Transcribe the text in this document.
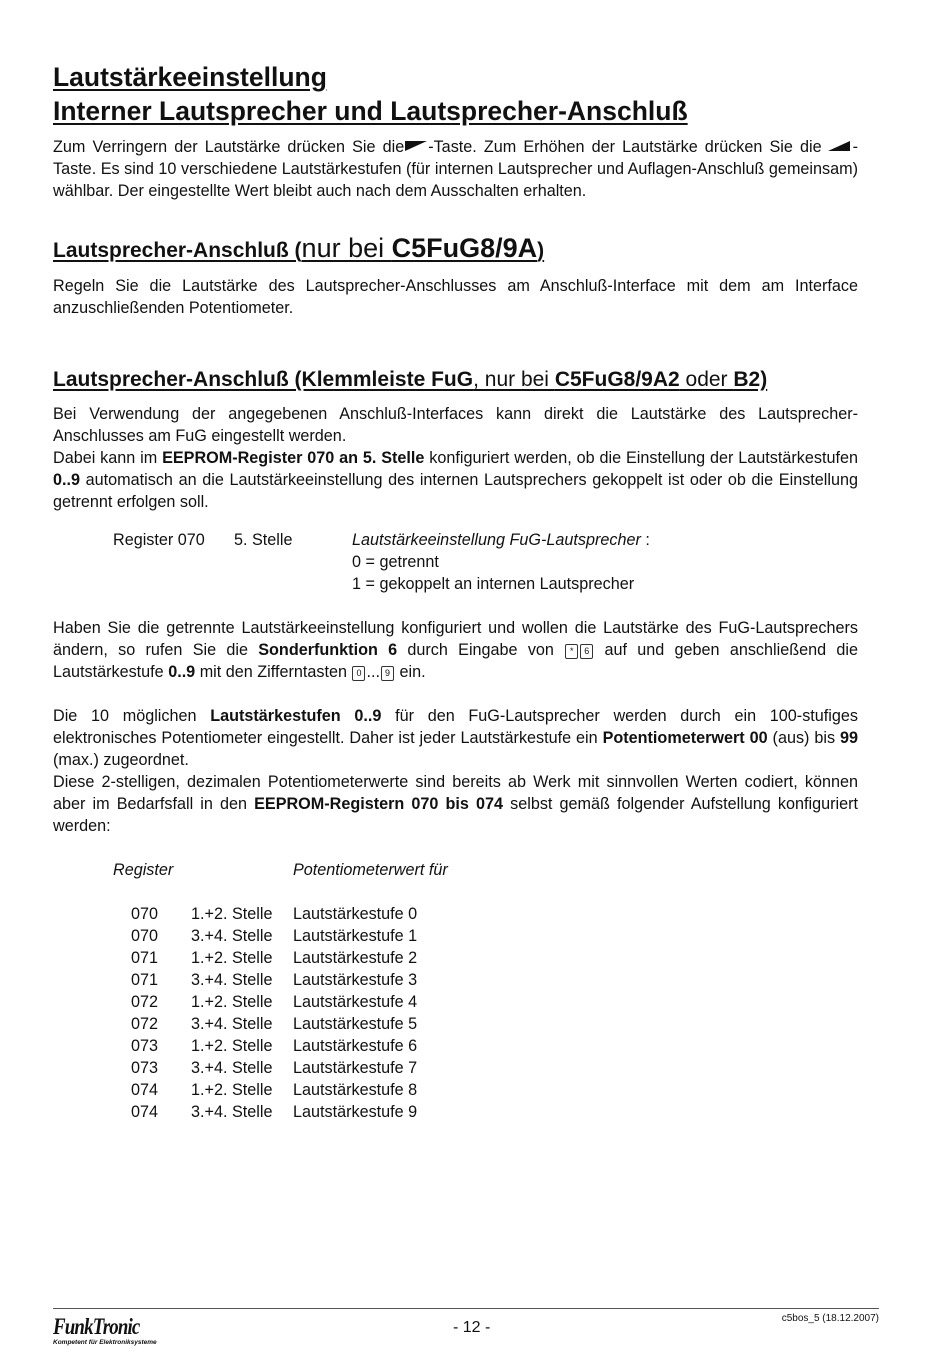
Lautstärkeeinstellung
Interner Lautsprecher und Lautsprecher-Anschluß

Zum Verringern der Lautstärke drücken Sie die -Taste. Zum Erhöhen der Lautstärke drücken Sie die -Taste. Es sind 10 verschiedene Lautstärkestufen (für internen Lautsprecher und Auflagen-Anschluß gemeinsam) wählbar. Der eingestellte Wert bleibt auch nach dem Ausschalten erhalten.

Lautsprecher-Anschluß (nur bei C5FuG8/9A)

Regeln Sie die Lautstärke des Lautsprecher-Anschlusses am Anschluß-Interface mit dem am Interface anzuschließenden Potentiometer.

Lautsprecher-Anschluß (Klemmleiste FuG, nur bei C5FuG8/9A2 oder B2)

Bei Verwendung der angegebenen Anschluß-Interfaces kann direkt die Lautstärke des Lautsprecher-Anschlusses am FuG eingestellt werden.

Dabei kann im EEPROM-Register 070 an 5. Stelle konfiguriert werden, ob die Einstellung der Lautstärkestufen 0..9 automatisch an die Lautstärkeeinstellung des internen Lautsprechers gekoppelt ist oder ob die Einstellung getrennt erfolgen soll.

Register 070 5. Stelle	Lautstärkeeinstellung FuG-Lautsprecher :
0 = getrennt
1 = gekoppelt an internen Lautsprecher

Haben Sie die getrennte Lautstärkeeinstellung konfiguriert und wollen die Lautstärke des FuG-Lautsprechers ändern, so rufen Sie die Sonderfunktion 6 durch Eingabe von * 6 auf und geben anschließend die Lautstärkestufe 0..9 mit den Zifferntasten 0 ... 9 ein.

Die 10 möglichen Lautstärkestufen 0..9 für den FuG-Lautsprecher werden durch ein 100-stufiges elektronisches Potentiometer eingestellt. Daher ist jeder Lautstärkestufe ein Potentiometerwert 00 (aus) bis 99 (max.) zugeordnet.

Diese 2-stelligen, dezimalen Potentiometerwerte sind bereits ab Werk mit sinnvollen Werten codiert, können aber im Bedarfsfall in den EEPROM-Registern 070 bis 074 selbst gemäß folgender Aufstellung konfiguriert werden:

Register	Potentiometerwert für
070 1.+2. Stelle Lautstärkestufe 0
070 3.+4. Stelle Lautstärkestufe 1
071 1.+2. Stelle Lautstärkestufe 2
071 3.+4. Stelle Lautstärkestufe 3
072 1.+2. Stelle Lautstärkestufe 4
072 3.+4. Stelle Lautstärkestufe 5
073 1.+2. Stelle Lautstärkestufe 6
073 3.+4. Stelle Lautstärkestufe 7
074 1.+2. Stelle Lautstärkestufe 8
074 3.+4. Stelle Lautstärkestufe 9
FunkTronic
Kompetent für Elektroniksysteme
- 12 -
c5bos_5 (18.12.2007)
